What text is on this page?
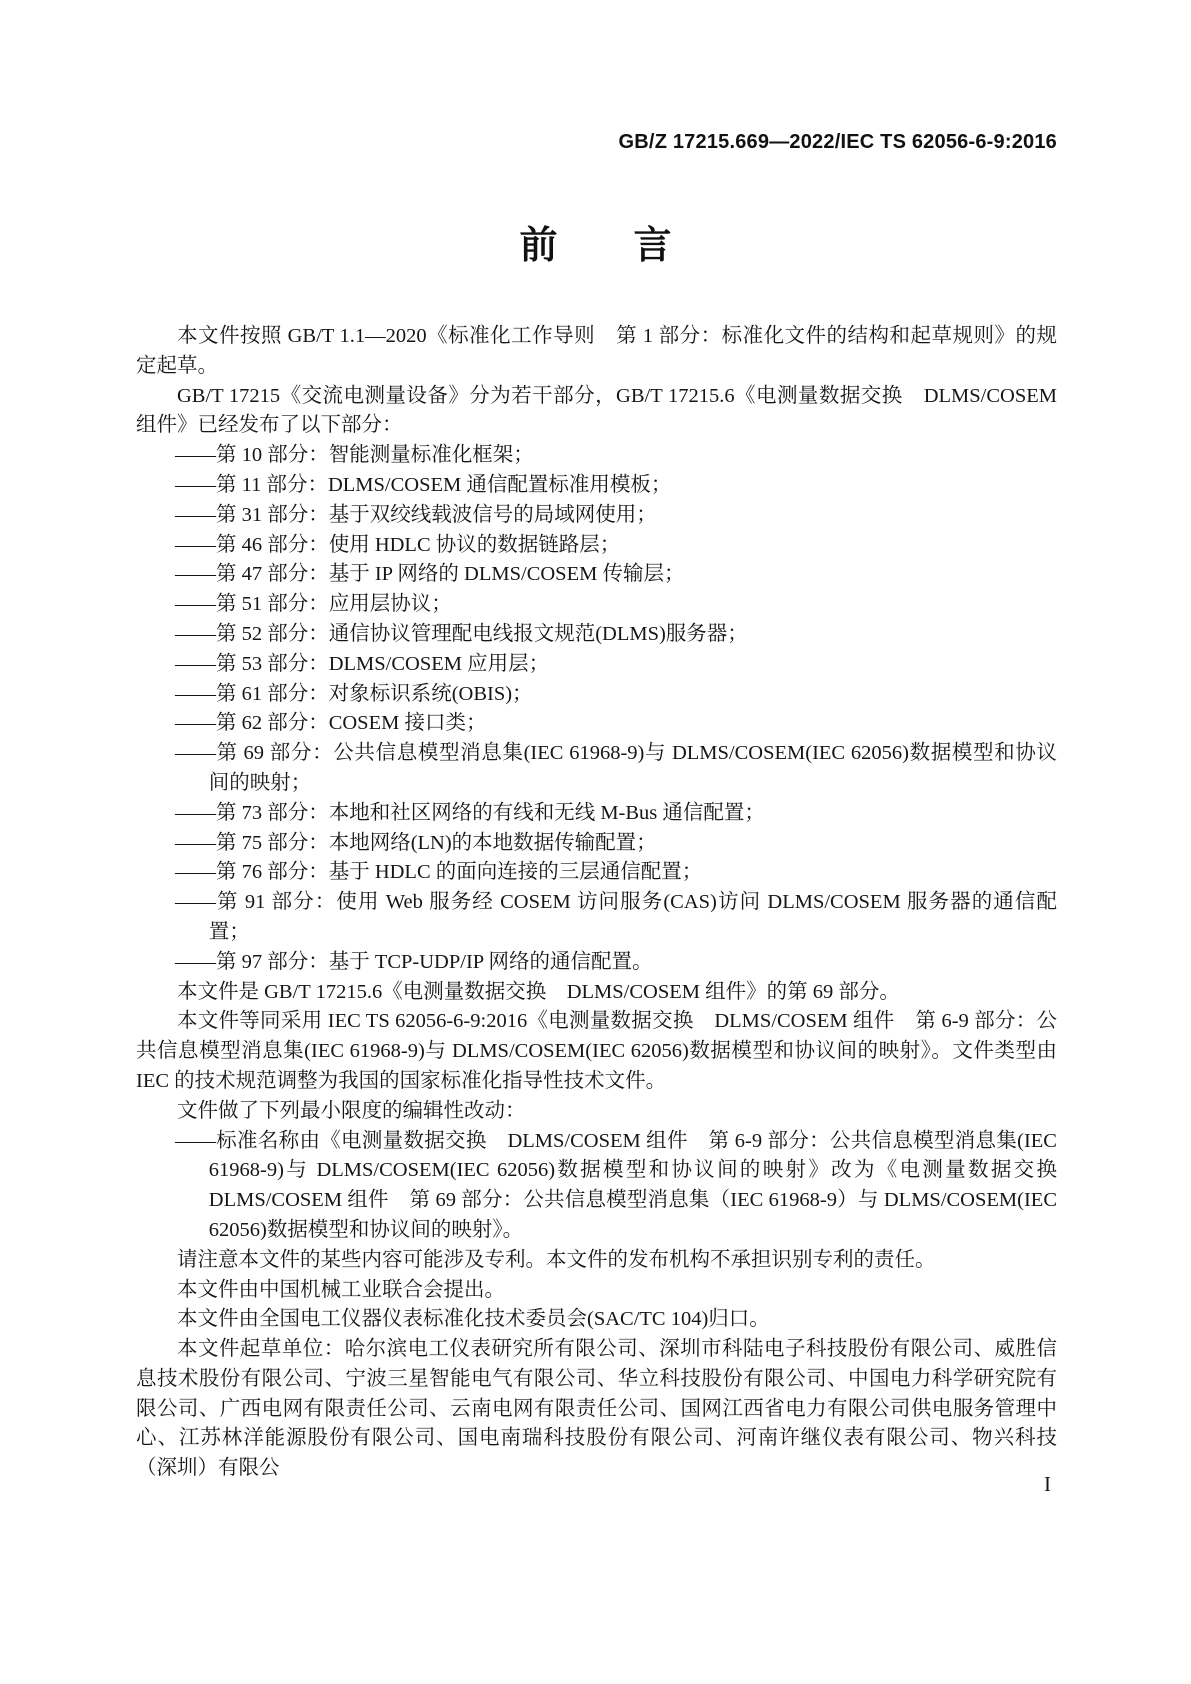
GB/Z 17215.669—2022/IEC TS 62056-6-9:2016
前　　言

本文件按照 GB/T 1.1—2020《标准化工作导则　第 1 部分：标准化文件的结构和起草规则》的规定起草。

GB/T 17215《交流电测量设备》分为若干部分，GB/T 17215.6《电测量数据交换　DLMS/COSEM 组件》已经发布了以下部分：

——第 10 部分：智能测量标准化框架；

——第 11 部分：DLMS/COSEM 通信配置标准用模板；

——第 31 部分：基于双绞线载波信号的局域网使用；

——第 46 部分：使用 HDLC 协议的数据链路层；

——第 47 部分：基于 IP 网络的 DLMS/COSEM 传输层；

——第 51 部分：应用层协议；

——第 52 部分：通信协议管理配电线报文规范(DLMS)服务器；

——第 53 部分：DLMS/COSEM 应用层；

——第 61 部分：对象标识系统(OBIS)；

——第 62 部分：COSEM 接口类；

——第 69 部分：公共信息模型消息集(IEC 61968-9)与 DLMS/COSEM(IEC 62056)数据模型和协议间的映射；

——第 73 部分：本地和社区网络的有线和无线 M-Bus 通信配置；

——第 75 部分：本地网络(LN)的本地数据传输配置；

——第 76 部分：基于 HDLC 的面向连接的三层通信配置；

——第 91 部分：使用 Web 服务经 COSEM 访问服务(CAS)访问 DLMS/COSEM 服务器的通信配置；

——第 97 部分：基于 TCP-UDP/IP 网络的通信配置。

本文件是 GB/T 17215.6《电测量数据交换　DLMS/COSEM 组件》的第 69 部分。

本文件等同采用 IEC TS 62056-6-9:2016《电测量数据交换　DLMS/COSEM 组件　第 6-9 部分：公共信息模型消息集(IEC 61968-9)与 DLMS/COSEM(IEC 62056)数据模型和协议间的映射》。文件类型由 IEC 的技术规范调整为我国的国家标准化指导性技术文件。

文件做了下列最小限度的编辑性改动：

——标准名称由《电测量数据交换　DLMS/COSEM 组件　第 6-9 部分：公共信息模型消息集(IEC 61968-9)与 DLMS/COSEM(IEC 62056)数据模型和协议间的映射》改为《电测量数据交换　DLMS/COSEM 组件　第 69 部分：公共信息模型消息集（IEC 61968-9）与 DLMS/COSEM(IEC 62056)数据模型和协议间的映射》。

请注意本文件的某些内容可能涉及专利。本文件的发布机构不承担识别专利的责任。

本文件由中国机械工业联合会提出。

本文件由全国电工仪器仪表标准化技术委员会(SAC/TC 104)归口。

本文件起草单位：哈尔滨电工仪表研究所有限公司、深圳市科陆电子科技股份有限公司、威胜信息技术股份有限公司、宁波三星智能电气有限公司、华立科技股份有限公司、中国电力科学研究院有限公司、广西电网有限责任公司、云南电网有限责任公司、国网江西省电力有限公司供电服务管理中心、江苏林洋能源股份有限公司、国电南瑞科技股份有限公司、河南许继仪表有限公司、物兴科技（深圳）有限公

I
